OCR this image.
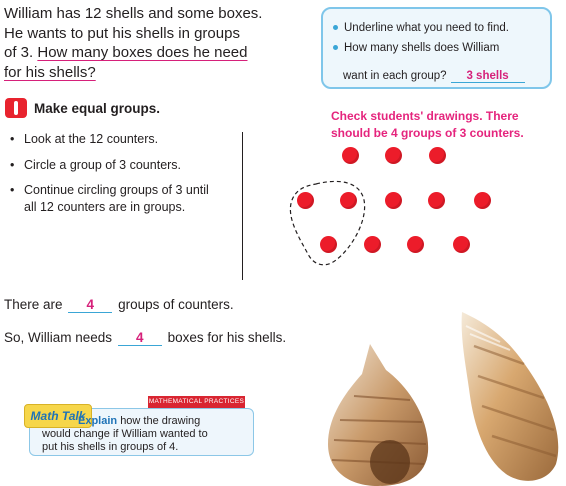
William has 12 shells and some boxes.
He wants to put his shells in groups
of 3. How many boxes does he need
for his shells?
Underline what you need to find.
How many shells does William
want in each group? 3 shells
Make equal groups.
• Look at the 12 counters.
• Circle a group of 3 counters.
• Continue circling groups of 3 until all 12 counters are in groups.
Check students' drawings. There
should be 4 groups of 3 counters.
There are 4 groups of counters.
So, William needs 4 boxes for his shells.
MATHEMATICAL PRACTICES
Math Talk
Explain how the drawing
would change if William wanted to
put his shells in groups of 4.
